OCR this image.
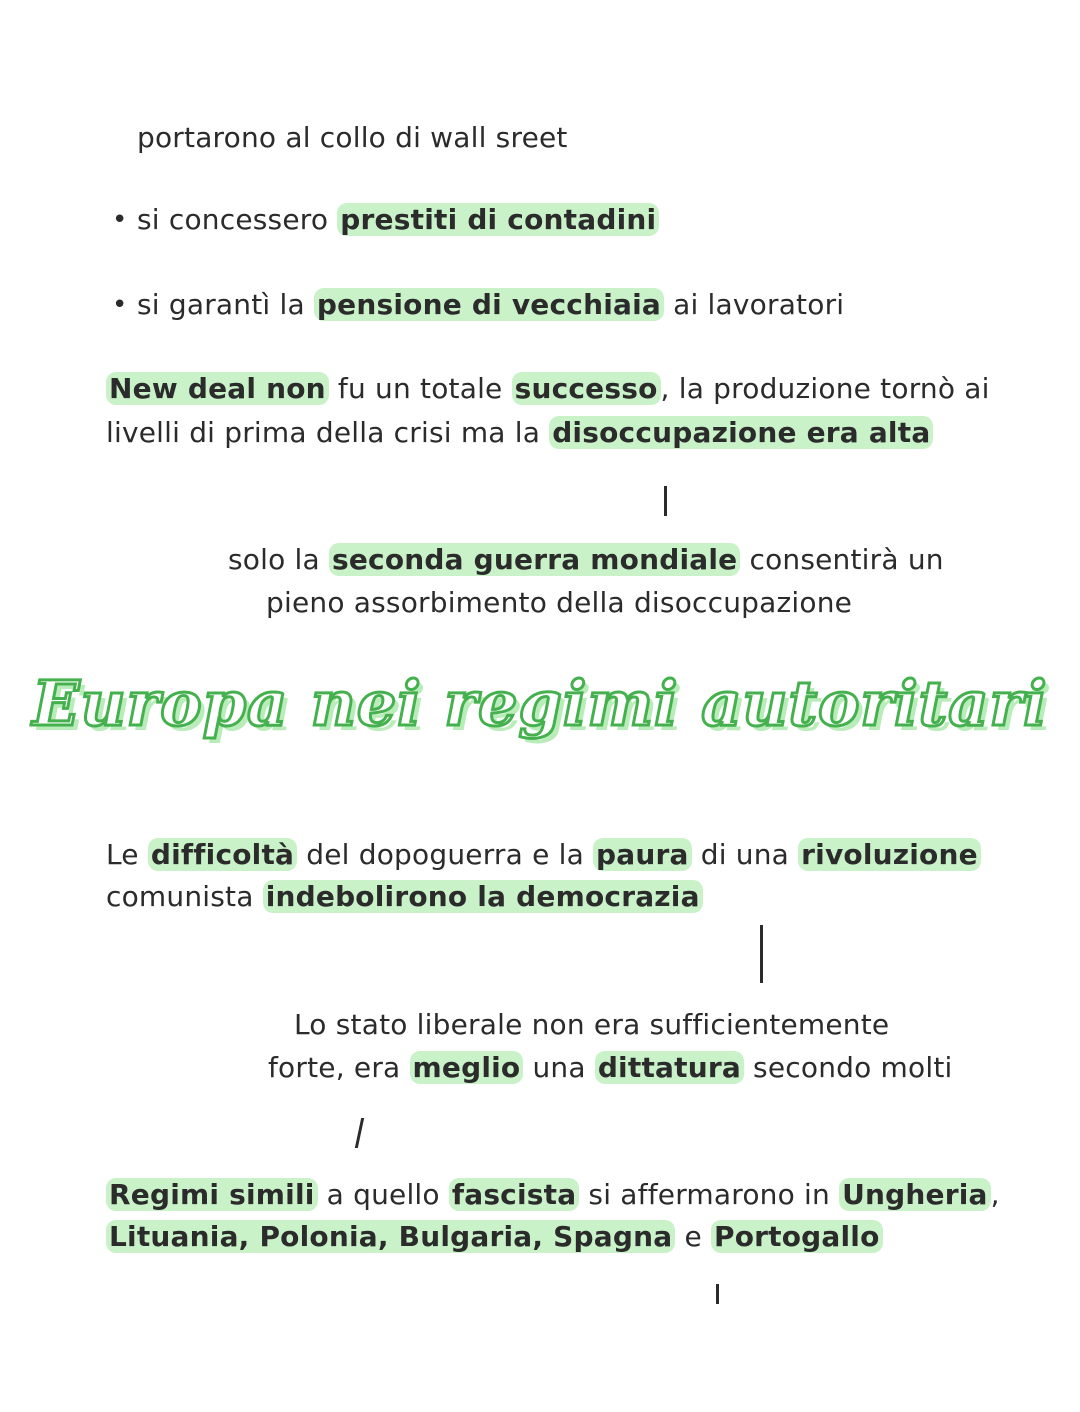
portarono al collo di wall sreet
• si concessero prestiti di contadini
• si garantì la pensione di vecchiaia ai lavoratori
New deal non fu un totale successo , la produzione tornò ai
livelli di prima della crisi ma la disoccupazione era alta
solo la seconda guerra mondiale consentirà un
pieno assorbimento della disoccupazione
Europa nei regimi autoritari
Le difficoltà del dopoguerra e la paura di una rivoluzione
comunista indebolirono la democrazia
Lo stato liberale non era sufficientemente
forte, era meglio una dittatura secondo molti
Regimi simili a quello fascista si affermarono in Ungheria ,
Lituania, Polonia, Bulgaria, Spagna e Portogallo
